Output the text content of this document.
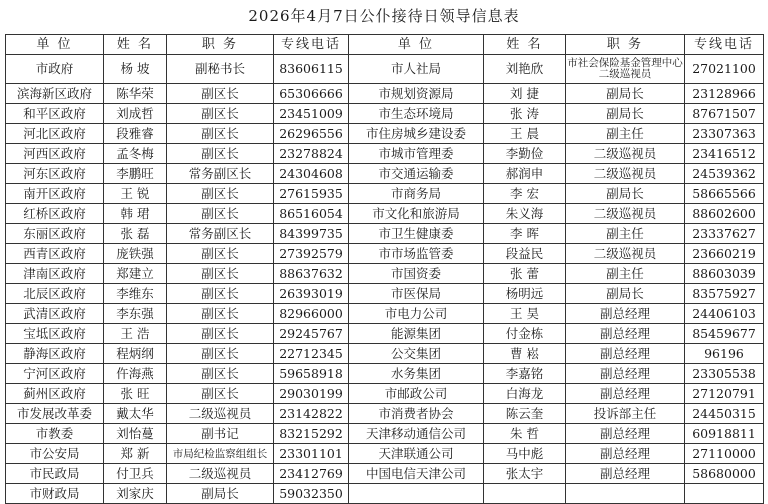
2026年4月7日公仆接待日领导信息表
单 位	姓 名	职 务	专线电话	单 位	姓 名	职 务	专线电话
市政府	杨 坡	副秘书长	83606115	市人社局	刘艳欣	市社会保险基金管理中心二级巡视员	27021100
滨海新区政府	陈华荣	副区长	65306666	市规划资源局	刘 捷	副局长	23128966
和平区政府	刘成哲	副区长	23451009	市生态环境局	张 涛	副局长	87671507
河北区政府	段雅睿	副区长	26296556	市住房城乡建设委	王 晨	副主任	23307363
河西区政府	孟冬梅	副区长	23278824	市城市管理委	李勤俭	二级巡视员	23416512
河东区政府	李鹏旺	常务副区长	24304608	市交通运输委	郝润申	二级巡视员	24539362
南开区政府	王 锐	副区长	27615935	市商务局	李 宏	副局长	58665566
红桥区政府	韩 珺	副区长	86516054	市文化和旅游局	朱义海	二级巡视员	88602600
东丽区政府	张 磊	常务副区长	84399735	市卫生健康委	李 晖	副主任	23337627
西青区政府	庞铁强	副区长	27392579	市市场监管委	段益民	二级巡视员	23660219
津南区政府	郑建立	副区长	88637632	市国资委	张 蕾	副主任	88603039
北辰区政府	李维东	副区长	26393019	市医保局	杨明远	副局长	83575927
武清区政府	李东强	副区长	82966000	市电力公司	王 昊	副总经理	24406103
宝坻区政府	王 浩	副区长	29245767	能源集团	付金栋	副总经理	85459677
静海区政府	程炳纲	副区长	22712345	公交集团	曹 崧	副总经理	96196
宁河区政府	仵海燕	副区长	59658918	水务集团	李嘉铭	副总经理	23305538
蓟州区政府	张 旺	副区长	29030199	市邮政公司	白海龙	副总经理	27120791
市发展改革委	戴太华	二级巡视员	23142822	市消费者协会	陈云奎	投诉部主任	24450315
市教委	刘怡蔓	副书记	83215292	天津移动通信公司	朱 哲	副总经理	60918811
市公安局	郑 新	市局纪检监察组组长	23301101	天津联通公司	马中彪	副总经理	27110000
市民政局	付卫兵	二级巡视员	23412769	中国电信天津公司	张太宇	副总经理	58680000
市财政局	刘家庆	副局长	59032350				
